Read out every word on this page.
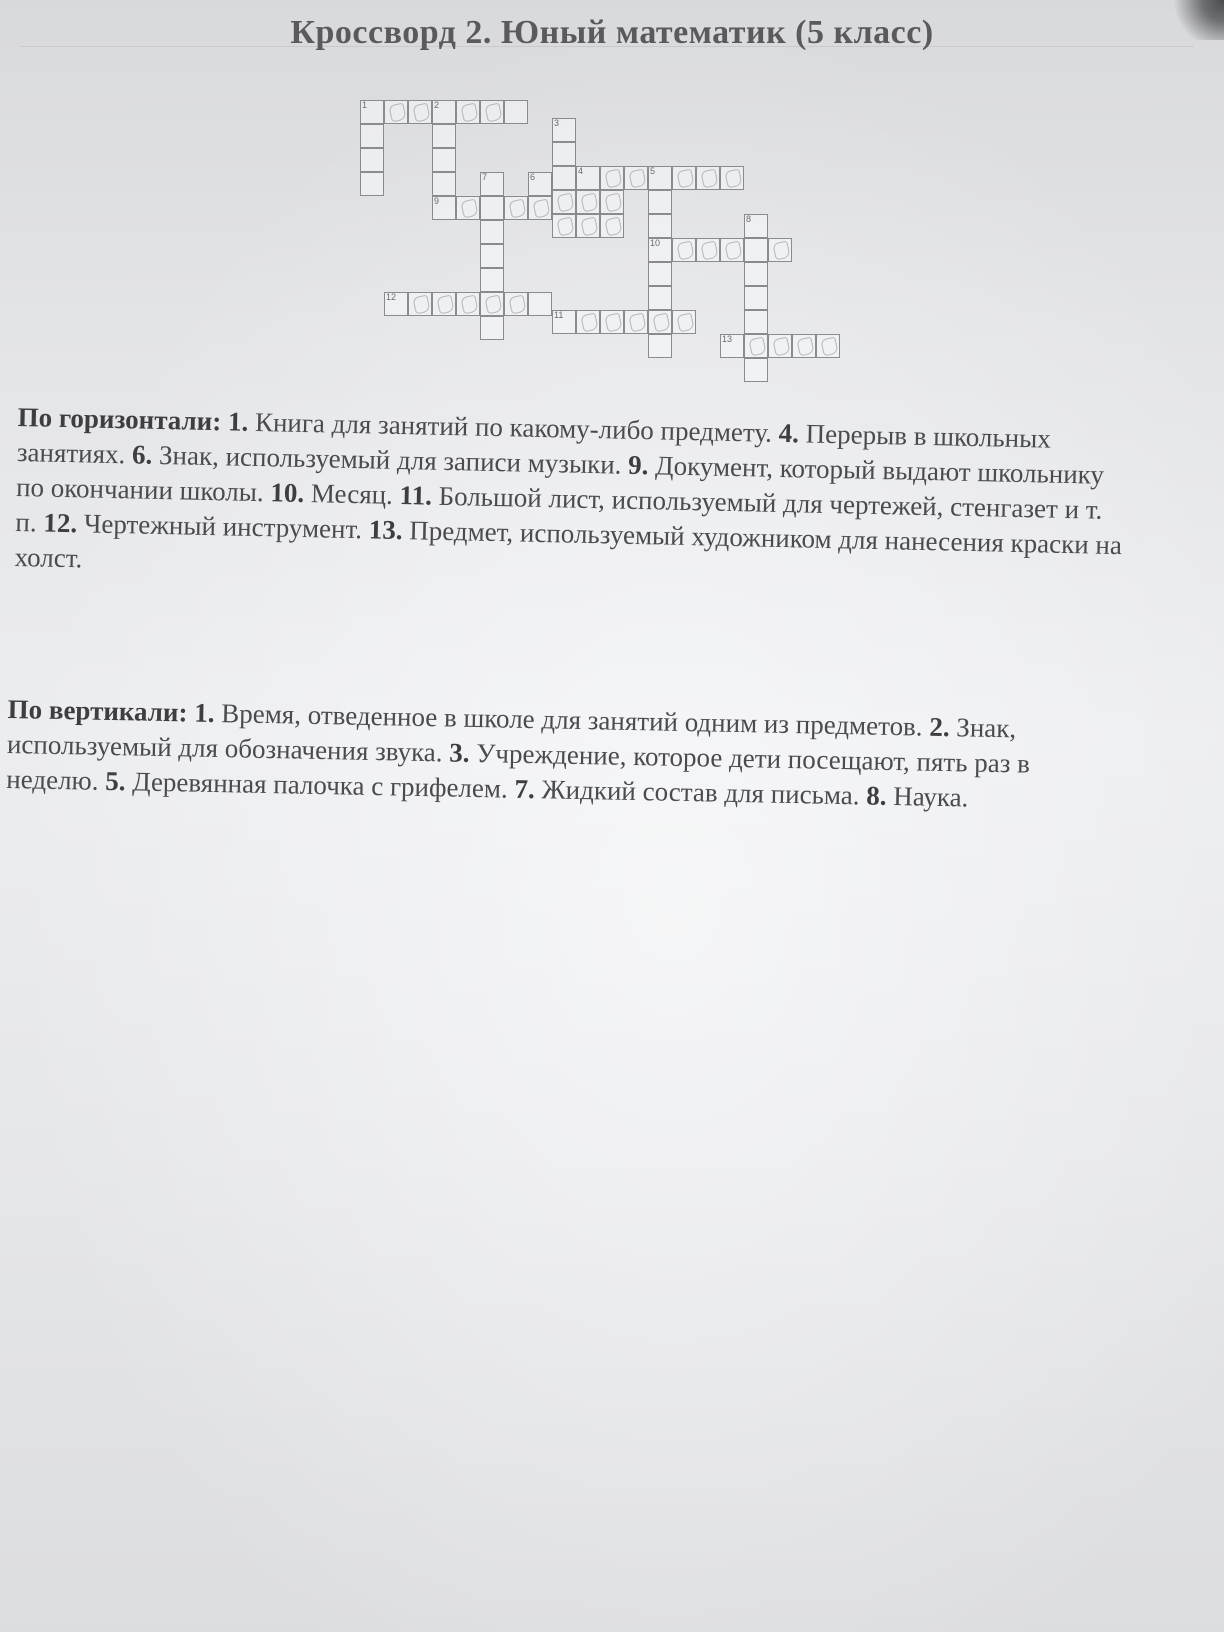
Кроссворд 2. Юный математик (5 класс)
1	2
9
3
4	5
6
10
7
8
12
11
13
По горизонтали: 1. Книга для занятий по какому-либо предмету. 4. Перерыв в школьных занятиях. 6. Знак, используемый для записи музыки. 9. Документ, который выдают школьнику по окончании школы. 10. Месяц. 11. Большой лист, используемый для чертежей, стенгазет и т. п. 12. Чертежный инструмент. 13. Предмет, используемый художником для нанесения краски на холст.
По вертикали: 1. Время, отведенное в школе для занятий одним из предметов. 2. Знак, используемый для обозначения звука. 3. Учреждение, которое дети посещают, пять раз в неделю. 5. Деревянная палочка с грифелем. 7. Жидкий состав для письма. 8. Наука.
